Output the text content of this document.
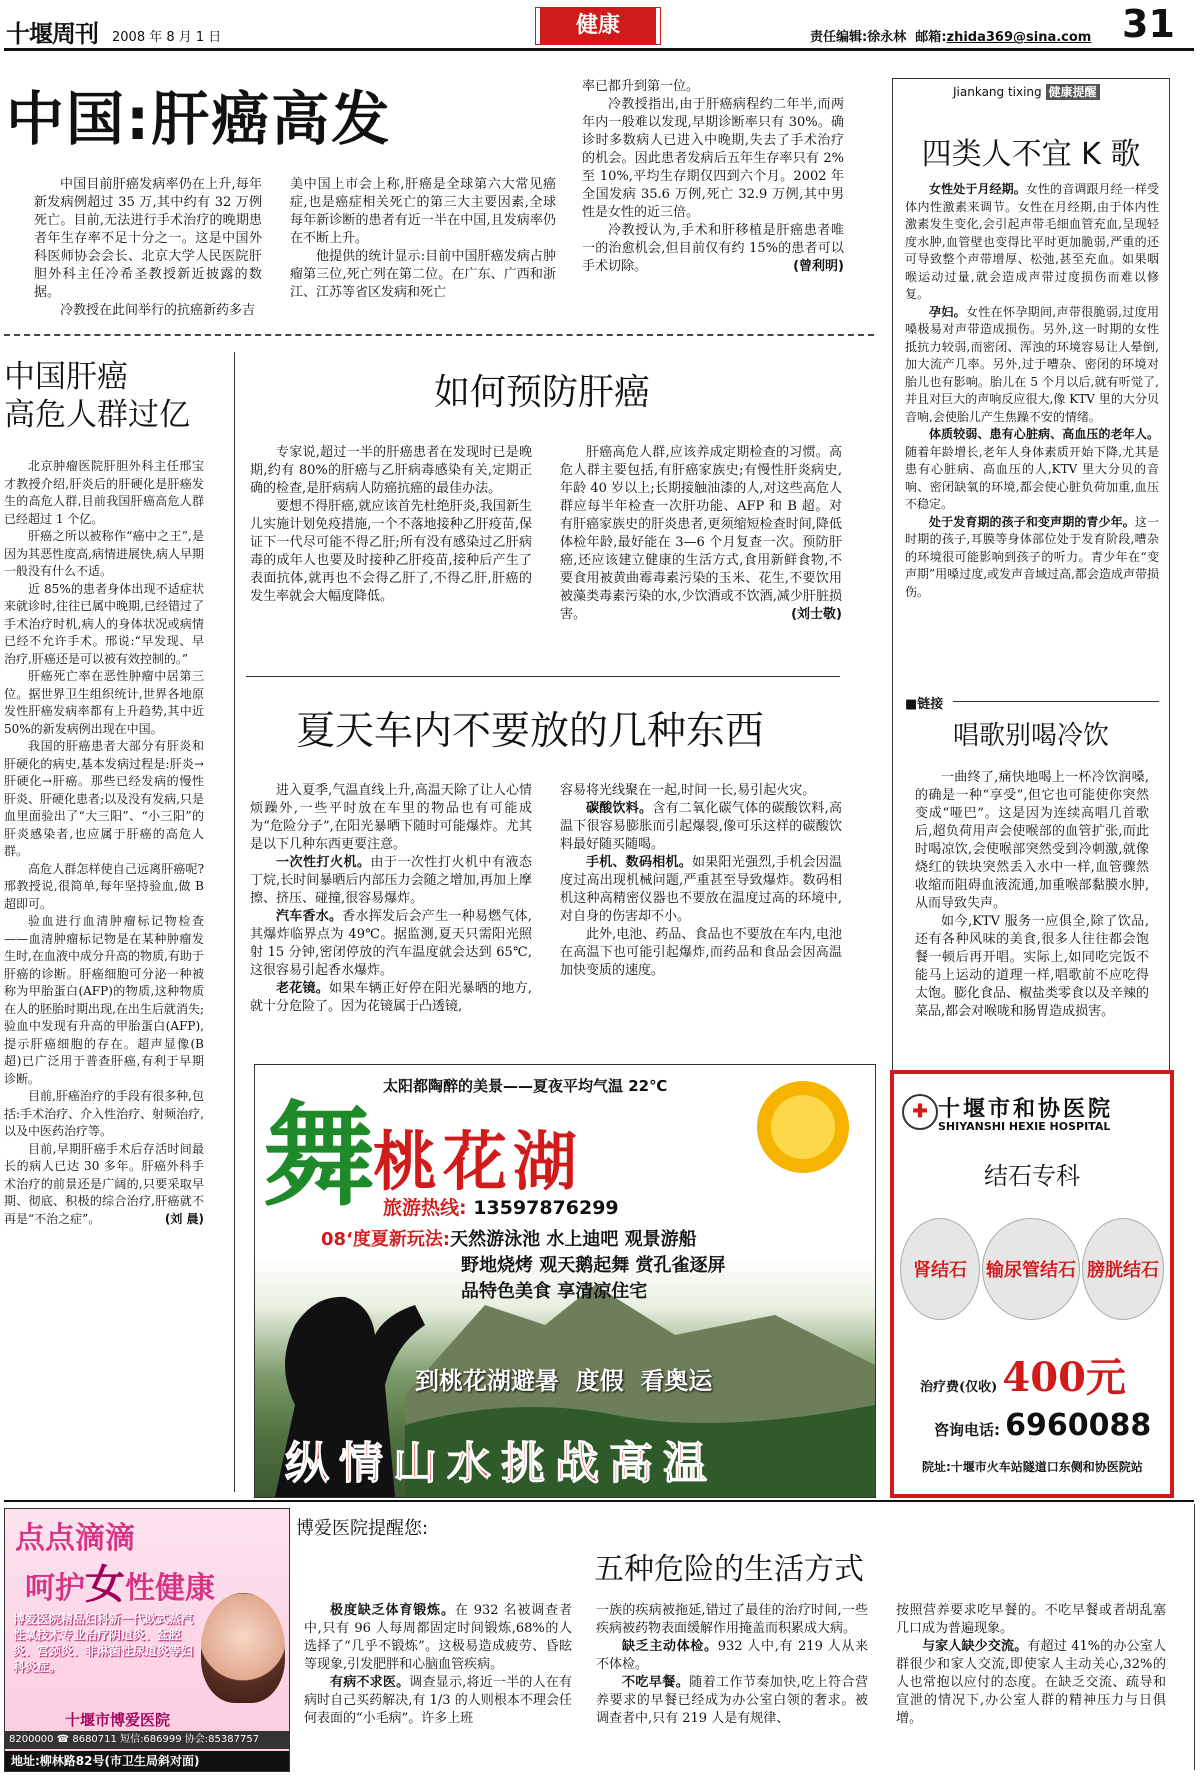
十堰周刊 2008 年 8 月 1 日	健康	责任编辑:徐永林 邮箱:zhida369@sina.com 31
中国:肝癌高发

中国目前肝癌发病率仍在上升,每年新发病例超过 35 万,其中约有 32 万例死亡。目前,无法进行手术治疗的晚期患者年生存率不足十分之一。这是中国外科医师协会会长、北京大学人民医院肝胆外科主任冷希圣教授新近披露的数据。

冷教授在此间举行的抗癌新药多吉

美中国上市会上称,肝癌是全球第六大常见癌症,也是癌症相关死亡的第三大主要因素,全球每年新诊断的患者有近一半在中国,且发病率仍在不断上升。

他提供的统计显示:目前中国肝癌发病占肿瘤第三位,死亡列在第二位。在广东、广西和浙江、江苏等省区发病和死亡

率已都升到第一位。

冷教授指出,由于肝癌病程约二年半,而两年内一般难以发现,早期诊断率只有 30%。确诊时多数病人已进入中晚期,失去了手术治疗的机会。因此患者发病后五年生存率只有 2%至 10%,平均生存期仅四到六个月。2002 年全国发病 35.6 万例,死亡 32.9 万例,其中男性是女性的近三倍。

冷教授认为,手术和肝移植是肝癌患者唯一的治愈机会,但目前仅有约 15%的患者可以手术切除。	(曾利明)

中国肝癌
高危人群过亿

北京肿瘤医院肝胆外科主任邢宝才教授介绍,肝炎后的肝硬化是肝癌发生的高危人群,目前我国肝癌高危人群已经超过 1 个亿。

肝癌之所以被称作“癌中之王”,是因为其恶性度高,病情进展快,病人早期一般没有什么不适。

近 85%的患者身体出现不适症状来就诊时,往往已属中晚期,已经错过了手术治疗时机,病人的身体状况或病情已经不允许手术。邢说:“早发现、早治疗,肝癌还是可以被有效控制的。”

肝癌死亡率在恶性肿瘤中居第三位。据世界卫生组织统计,世界各地原发性肝癌发病率都有上升趋势,其中近 50%的新发病例出现在中国。

我国的肝癌患者大部分有肝炎和肝硬化的病史,基本发病过程是:肝炎→肝硬化→肝癌。那些已经发病的慢性肝炎、肝硬化患者;以及没有发病,只是血里面验出了“大三阳”、“小三阳”的肝炎感染者,也应属于肝癌的高危人群。

高危人群怎样使自己远离肝癌呢?邢教授说,很简单,每年坚持验血,做 B 超即可。

验血进行血清肿瘤标记物检查——血清肿瘤标记物是在某种肿瘤发生时,在血液中成分升高的物质,有助于肝癌的诊断。肝癌细胞可分泌一种被称为甲胎蛋白(AFP)的物质,这种物质在人的胚胎时期出现,在出生后就消失;验血中发现有升高的甲胎蛋白(AFP),提示肝癌细胞的存在。超声显像(B 超)已广泛用于普查肝癌,有利于早期诊断。

目前,肝癌治疗的手段有很多种,包括:手术治疗、介入性治疗、射频治疗,以及中医药治疗等。

目前,早期肝癌手术后存活时间最长的病人已达 30 多年。肝癌外科手术治疗的前景还是广阔的,只要采取早期、彻底、积极的综合治疗,肝癌就不再是“不治之症”。	(刘 晨)

如何预防肝癌

专家说,超过一半的肝癌患者在发现时已是晚期,约有 80%的肝癌与乙肝病毒感染有关,定期正确的检查,是肝病病人防癌抗癌的最佳办法。

要想不得肝癌,就应该首先杜绝肝炎,我国新生儿实施计划免疫措施,一个不落地接种乙肝疫苗,保证下一代尽可能不得乙肝;所有没有感染过乙肝病毒的成年人也要及时接种乙肝疫苗,接种后产生了表面抗体,就再也不会得乙肝了,不得乙肝,肝癌的发生率就会大幅度降低。

肝癌高危人群,应该养成定期检查的习惯。高危人群主要包括,有肝癌家族史;有慢性肝炎病史,年龄 40 岁以上;长期接触油漆的人,对这些高危人群应每半年检查一次肝功能、AFP 和 B 超。对有肝癌家族史的肝炎患者,更须缩短检查时间,降低体检年龄,最好能在 3—6 个月复查一次。预防肝癌,还应该建立健康的生活方式,食用新鲜食物,不要食用被黄曲霉毒素污染的玉米、花生,不要饮用被藻类毒素污染的水,少饮酒或不饮酒,减少肝脏损害。	(刘士敬)

夏天车内不要放的几种东西

进入夏季,气温直线上升,高温天除了让人心情烦躁外,一些平时放在车里的物品也有可能成为“危险分子”,在阳光暴晒下随时可能爆炸。尤其是以下几种东西更要注意。

一次性打火机。由于一次性打火机中有液态丁烷,长时间暴晒后内部压力会随之增加,再加上摩擦、挤压、碰撞,很容易爆炸。

汽车香水。香水挥发后会产生一种易燃气体,其爆炸临界点为 49℃。据监测,夏天只需阳光照射 15 分钟,密闭停放的汽车温度就会达到 65℃,这很容易引起香水爆炸。

老花镜。如果车辆正好停在阳光暴晒的地方,就十分危险了。因为花镜属于凸透镜,

容易将光线聚在一起,时间一长,易引起火灾。

碳酸饮料。含有二氧化碳气体的碳酸饮料,高温下很容易膨胀而引起爆裂,像可乐这样的碳酸饮料最好随买随喝。

手机、数码相机。如果阳光强烈,手机会因温度过高出现机械问题,严重甚至导致爆炸。数码相机这种高精密仪器也不要放在温度过高的环境中,对自身的伤害却不小。

此外,电池、药品、食品也不要放在车内,电池在高温下也可能引起爆炸,而药品和食品会因高温加快变质的速度。

Jiankang tixing 健康提醒
四类人不宜 K 歌

女性处于月经期。女性的音调跟月经一样受体内性激素来调节。女性在月经期,由于体内性激素发生变化,会引起声带毛细血管充血,呈现轻度水肿,血管壁也变得比平时更加脆弱,严重的还可导致整个声带增厚、松弛,甚至充血。如果咽喉运动过量,就会造成声带过度损伤而难以修复。

孕妇。女性在怀孕期间,声带很脆弱,过度用嗓极易对声带造成损伤。另外,这一时期的女性抵抗力较弱,而密闭、浑浊的环境容易让人晕倒,加大流产几率。另外,过于嘈杂、密闭的环境对胎儿也有影响。胎儿在 5 个月以后,就有听觉了,并且对巨大的声响反应很大,像 KTV 里的大分贝音响,会使胎儿产生焦躁不安的情绪。

体质较弱、患有心脏病、高血压的老年人。随着年龄增长,老年人身体素质开始下降,尤其是患有心脏病、高血压的人,KTV 里大分贝的音响、密闭缺氧的环境,都会使心脏负荷加重,血压不稳定。

处于发育期的孩子和变声期的青少年。这一时期的孩子,耳膜等身体部位处于发育阶段,嘈杂的环境很可能影响到孩子的听力。青少年在“变声期”用嗓过度,或发声音域过高,都会造成声带损伤。

■链接
唱歌别喝冷饮

一曲终了,痛快地喝上一杯冷饮润嗓,的确是一种“享受”,但它也可能使你突然变成“哑巴”。这是因为连续高唱几首歌后,超负荷用声会使喉部的血管扩张,而此时喝凉饮,会使喉部突然受到冷刺激,就像烧红的铁块突然丢入水中一样,血管骤然收缩而阻碍血液流通,加重喉部黏膜水肿,从而导致失声。

如今,KTV 服务一应俱全,除了饮品,还有各种风味的美食,很多人往往都会饱餐一顿后再开唱。实际上,如同吃完饭不能马上运动的道理一样,唱歌前不应吃得太饱。膨化食品、椒盐类零食以及辛辣的菜品,都会对喉咙和肠胃造成损害。

太阳都陶醉的美景——夏夜平均气温 22℃
舞
桃花湖
旅游热线: 13597876299
08‘度夏新玩法:天然游泳池 水上迪吧 观景游船
野地烧烤 观天鹅起舞 赏孔雀逐屏
品特色美食 享清凉住宅
到桃花湖避暑 度假 看奥运
纵情山水挑战高温
✚ 十堰市和协医院
SHIYANSHI HEXIE HOSPITAL
结石专科
肾结石 输尿管结石 膀胱结石
治疗费(仅收) 400元
咨询电话: 6960088
院址:十堰市火车站隧道口东侧和协医院站
点点滴滴
呵护女性健康
博爱医院精品妇科新一代欧式蒸汽性氧技术专业治疗阴道炎、盆腔炎、宫颈炎、非淋菌性尿道炎等妇科炎症。
十堰市博爱医院
8200000 ☎ 8680711 短信:686999 协会:85387757
地址:柳林路82号(市卫生局斜对面)
博爱医院提醒您:
五种危险的生活方式

极度缺乏体育锻炼。在 932 名被调查者中,只有 96 人每周都固定时间锻炼,68%的人选择了“几乎不锻炼”。这极易造成疲劳、昏眩等现象,引发肥胖和心脑血管疾病。

有病不求医。调查显示,将近一半的人在有病时自己买药解决,有 1/3 的人则根本不理会任何表面的“小毛病”。许多上班

一族的疾病被拖延,错过了最佳的治疗时间,一些疾病被药物表面缓解作用掩盖而积累成大病。

缺乏主动体检。932 人中,有 219 人从来不体检。

不吃早餐。随着工作节奏加快,吃上符合营养要求的早餐已经成为办公室白领的奢求。被调查者中,只有 219 人是有规律、

按照营养要求吃早餐的。不吃早餐或者胡乱塞几口成为普遍现象。

与家人缺少交流。有超过 41%的办公室人群很少和家人交流,即使家人主动关心,32%的人也常抱以应付的态度。在缺乏交流、疏导和宣泄的情况下,办公室人群的精神压力与日俱增。
